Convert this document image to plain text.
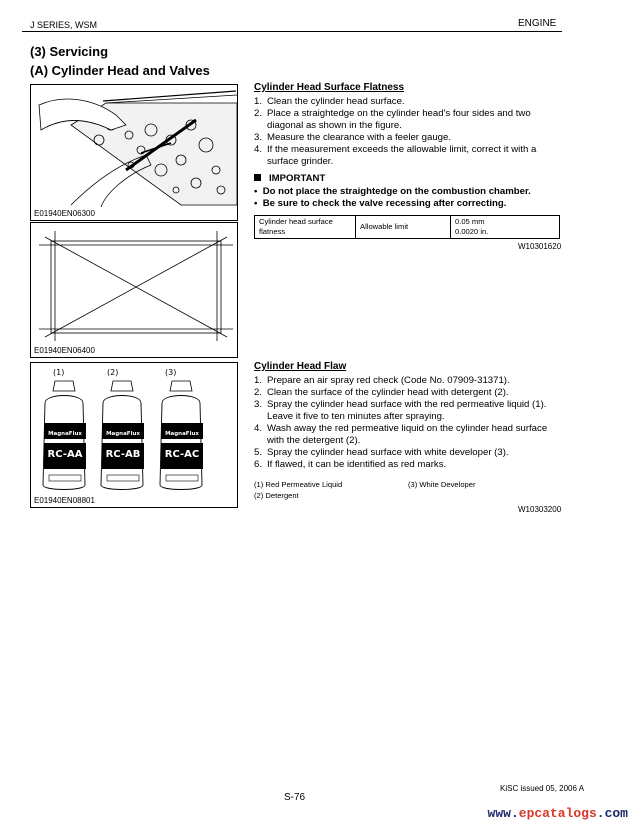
J SERIES, WSM	ENGINE
(3) Servicing
(A) Cylinder Head and Valves
E01940EN06300
E01940EN06400
(1)	(2)	(3)
MagnaFlux	MagnaFlux	MagnaFlux
RC-AA	RC-AB	RC-AC
E01940EN08801
Cylinder Head Surface Flatness
1. Clean the cylinder head surface.
2. Place a straightedge on the cylinder head's four sides and two diagonal as shown in the figure.
3. Measure the clearance with a feeler gauge.
4. If the measurement exceeds the allowable limit, correct it with a surface grinder.
IMPORTANT
•  Do not place the straightedge on the combustion chamber.
•  Be sure to check the valve recessing after correcting.
Cylinder head surface flatness	Allowable limit	0.05 mm
0.0020 in.
W10301620
Cylinder Head Flaw
1. Prepare an air spray red check (Code No. 07909-31371).
2. Clean the surface of the cylinder head with detergent (2).
3. Spray the cylinder head surface with the red permeative liquid (1). Leave it five to ten minutes after spraying.
4. Wash away the red permeative liquid on the cylinder head surface with the detergent (2).
5. Spray the cylinder head surface with white developer (3).
6. If flawed, it can be identified as red marks.
(1) Red Permeative Liquid	(3) White Developer
(2) Detergent
W10303200
KiSC issued 05, 2006 A
S-76
www.epcatalogs.com
